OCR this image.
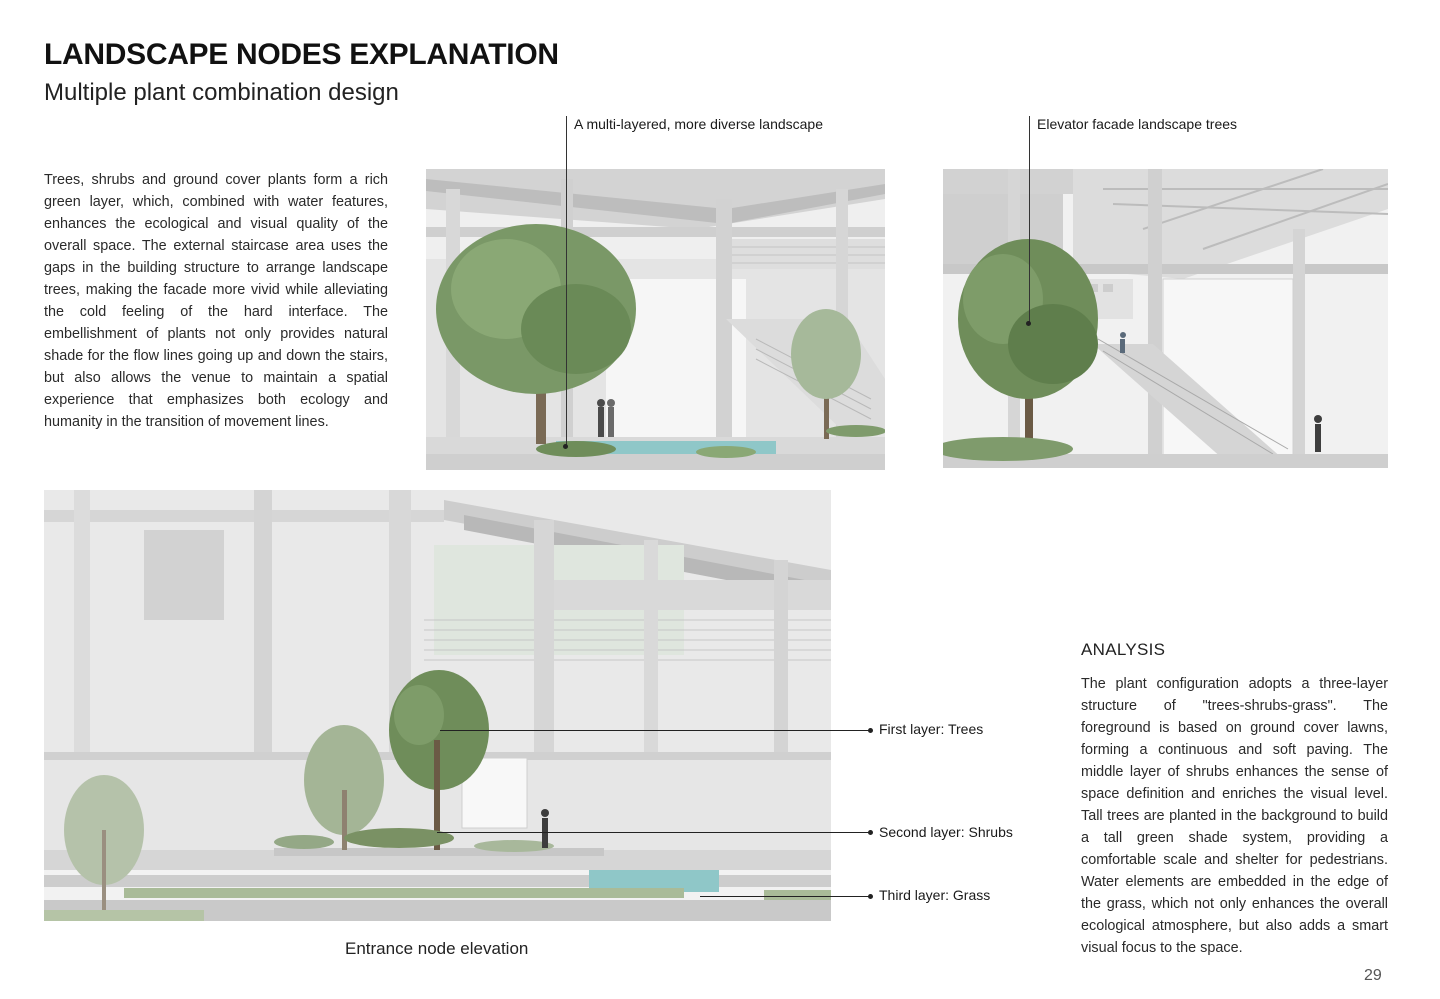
LANDSCAPE NODES EXPLANATION
Multiple plant combination design
Trees, shrubs and ground cover plants form a rich green layer, which, combined with water features, enhances the ecological and visual quality of the overall space. The external staircase area uses the gaps in the building structure to arrange landscape trees, making the facade more vivid while alleviating the cold feeling of the hard interface. The embellishment of plants not only provides natural shade for the flow lines going up and down the stairs, but also allows the venue to maintain a spatial experience that emphasizes both ecology and humanity in the transition of movement lines.
A multi-layered, more diverse landscape	Elevator facade landscape trees
First layer: Trees
Second layer: Shrubs
Third layer: Grass
Entrance node elevation
ANALYSIS
The plant configuration adopts a three-layer structure of "trees-shrubs-grass". The foreground is based on ground cover lawns, forming a continuous and soft paving. The middle layer of shrubs enhances the sense of space definition and enriches the visual level. Tall trees are planted in the background to build a tall green shade system, providing a comfortable scale and shelter for pedestrians. Water elements are embedded in the edge of the grass, which not only enhances the overall ecological atmosphere, but also adds a smart visual focus to the space.
29
